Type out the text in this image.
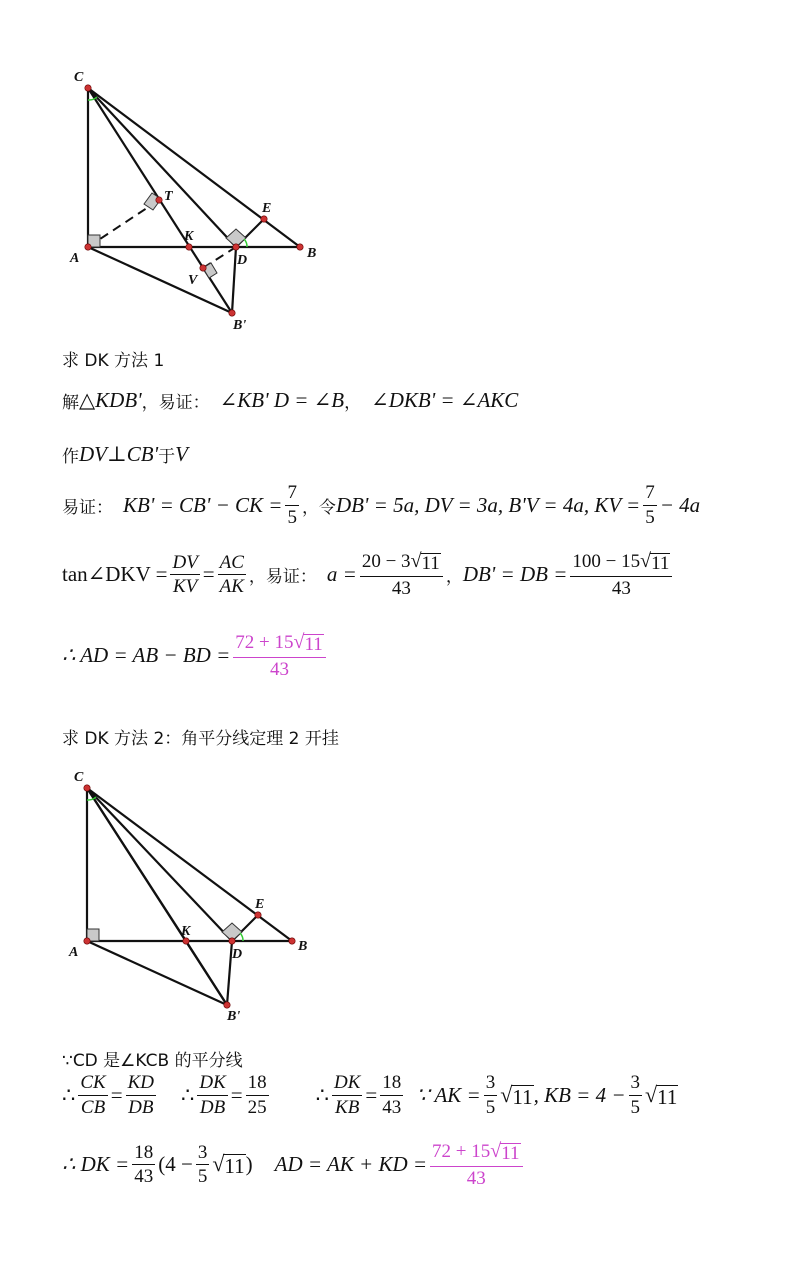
C
A
T
K
E
B
D
V
B'
求 DK 方法 1
解 △KDB' ，易证： ∠KB' D = ∠B ， ∠DKB' = ∠AKC
作 DV⊥CB' 于 V
易证： KB' = CB' − CK = $\frac{7}{5}$ ，令 DB' = 5a, DV = 3a, B'V = 4a, KV = $\frac{7}{5} - 4a$
tan∠DKV = $\frac{DV}{KV} = \frac{AC}{AK}$ ，易证： $a = \frac{20 - 3 √ 11}{43}$ ， DB' = DB = $\frac{100 - 15 √ 11}{43}$
∴ AD = AB − BD = $\frac{72 + 15 √ 11}{43}$
求 DK 方法 2：角平分线定理 2 开挂
C
A
K
E
B
D
B'
∵CD 是∠KCB 的平分线
∴ $\frac{CK}{CB} = \frac{KD}{DB}$ ∴ $\frac{DK}{DB} = \frac{18}{25}$ ∴ $\frac{DK}{KB} = \frac{18}{43}$ ∵ AK = $\frac{3}{5}$ √ 11 , KB = $4 - \frac{3}{5}$ √ 11
∴ DK = $\frac{18}{43} (4 - \frac{3}{5}$ √ 11 ) AD = AK + KD = $\frac{72 + 15 √ 11}{43}$
